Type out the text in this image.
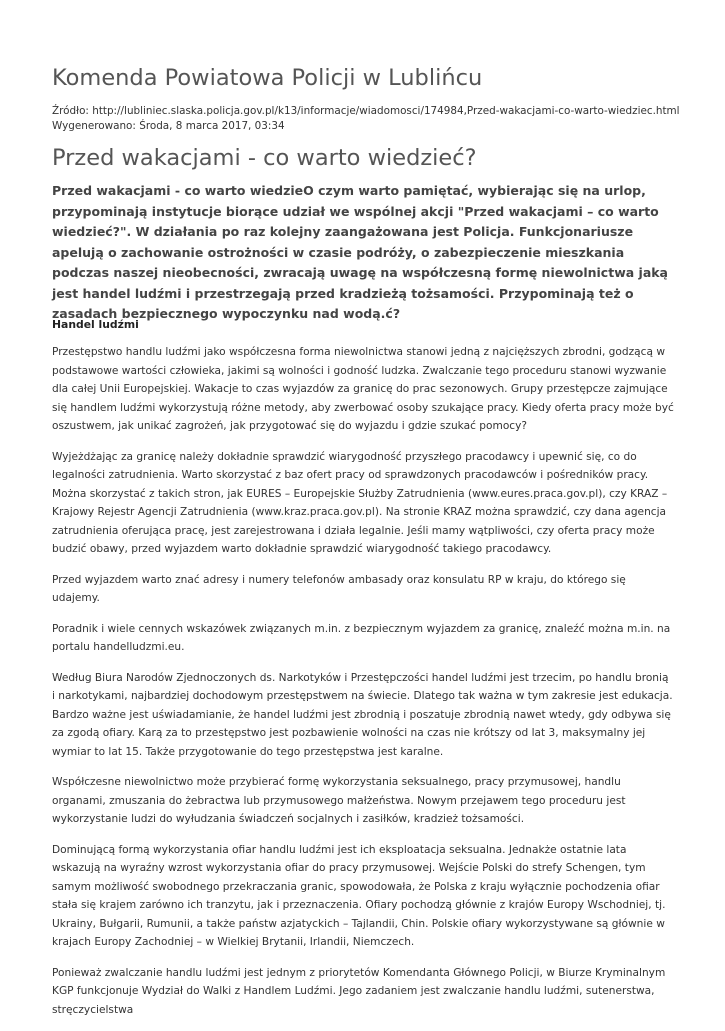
Komenda Powiatowa Policji w Lublińcu
Źródło: http://lubliniec.slaska.policja.gov.pl/k13/informacje/wiadomosci/174984,Przed-wakacjami-co-warto-wiedziec.html
Wygenerowano: Środa, 8 marca 2017, 03:34
Przed wakacjami - co warto wiedzieć?

Przed wakacjami - co warto wiedzieO czym warto pamiętać, wybierając się na urlop, przypominają instytucje biorące udział we wspólnej akcji "Przed wakacjami – co warto wiedzieć?". W działania po raz kolejny zaangażowana jest Policja. Funkcjonariusze apelują o zachowanie ostrożności w czasie podróży, o zabezpieczenie mieszkania podczas naszej nieobecności, zwracają uwagę na współczesną formę niewolnictwa jaką jest handel ludźmi i przestrzegają przed kradzieżą tożsamości. Przypominają też o zasadach bezpiecznego wypoczynku nad wodą.ć?

Handel ludźmi

Przestępstwo handlu ludźmi jako współczesna forma niewolnictwa stanowi jedną z najcięższych zbrodni, godzącą w podstawowe wartości człowieka, jakimi są wolności i godność ludzka. Zwalczanie tego proceduru stanowi wyzwanie dla całej Unii Europejskiej. Wakacje to czas wyjazdów za granicę do prac sezonowych. Grupy przestępcze zajmujące się handlem ludźmi wykorzystują różne metody, aby zwerbować osoby szukające pracy. Kiedy oferta pracy może być oszustwem, jak unikać zagrożeń, jak przygotować się do wyjazdu i gdzie szukać pomocy?

Wyjeżdżając za granicę należy dokładnie sprawdzić wiarygodność przyszłego pracodawcy i upewnić się, co do legalności zatrudnienia. Warto skorzystać z baz ofert pracy od sprawdzonych pracodawców i pośredników pracy. Można skorzystać z takich stron, jak EURES – Europejskie Służby Zatrudnienia (www.eures.praca.gov.pl), czy KRAZ – Krajowy Rejestr Agencji Zatrudnienia (www.kraz.praca.gov.pl). Na stronie KRAZ można sprawdzić, czy dana agencja zatrudnienia oferująca pracę, jest zarejestrowana i działa legalnie. Jeśli mamy wątpliwości, czy oferta pracy może budzić obawy, przed wyjazdem warto dokładnie sprawdzić wiarygodność takiego pracodawcy.

Przed wyjazdem warto znać adresy i numery telefonów ambasady oraz konsulatu RP w kraju, do którego się udajemy.

Poradnik i wiele cennych wskazówek związanych m.in. z bezpiecznym wyjazdem za granicę, znaleźć można m.in. na portalu handelludzmi.eu.

Według Biura Narodów Zjednoczonych ds. Narkotyków i Przestępczości handel ludźmi jest trzecim, po handlu bronią i narkotykami, najbardziej dochodowym przestępstwem na świecie. Dlatego tak ważna w tym zakresie jest edukacja. Bardzo ważne jest uświadamianie, że handel ludźmi jest zbrodnią i poszatuje zbrodnią nawet wtedy, gdy odbywa się za zgodą ofiary. Karą za to przestępstwo jest pozbawienie wolności na czas nie krótszy od lat 3, maksymalny jej wymiar to lat 15. Także przygotowanie do tego przestępstwa jest karalne.

Współczesne niewolnictwo może przybierać formę wykorzystania seksualnego, pracy przymusowej, handlu organami, zmuszania do żebractwa lub przymusowego małżeństwa. Nowym przejawem tego proceduru jest wykorzystanie ludzi do wyłudzania świadczeń socjalnych i zasiłków, kradzież tożsamości.

Dominującą formą wykorzystania ofiar handlu ludźmi jest ich eksploatacja seksualna. Jednakże ostatnie lata wskazują na wyraźny wzrost wykorzystania ofiar do pracy przymusowej. Wejście Polski do strefy Schengen, tym samym możliwość swobodnego przekraczania granic, spowodowała, że Polska z kraju wyłącznie pochodzenia ofiar stała się krajem zarówno ich tranzytu, jak i przeznaczenia. Ofiary pochodzą głównie z krajów Europy Wschodniej, tj. Ukrainy, Bułgarii, Rumunii, a także państw azjatyckich – Tajlandii, Chin. Polskie ofiary wykorzystywane są głównie w krajach Europy Zachodniej – w Wielkiej Brytanii, Irlandii, Niemczech.

Ponieważ zwalczanie handlu ludźmi jest jednym z priorytetów Komendanta Głównego Policji, w Biurze Kryminalnym KGP funkcjonuje Wydział do Walki z Handlem Ludźmi. Jego zadaniem jest zwalczanie handlu ludźmi, sutenerstwa, stręczycielstwa
